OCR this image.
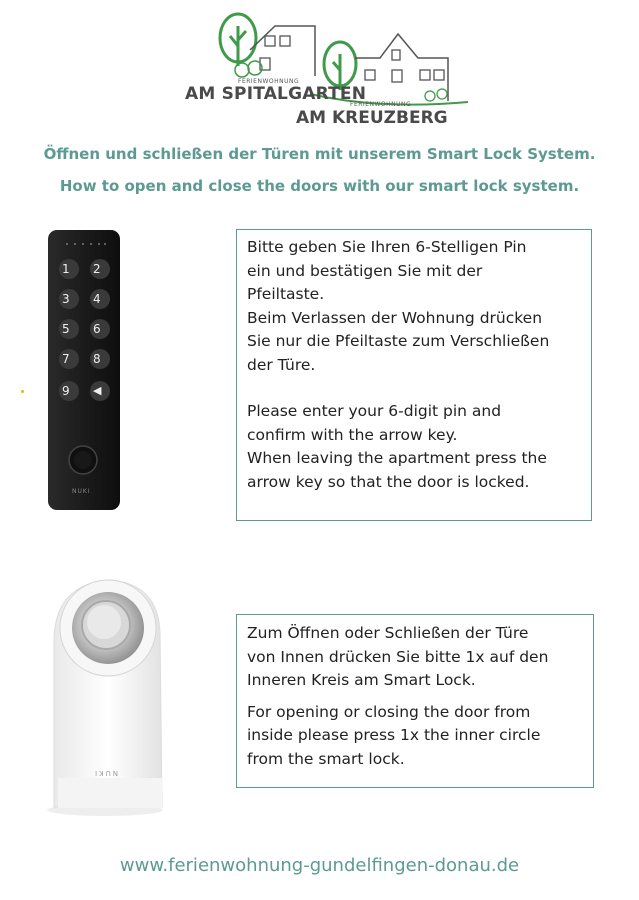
FERIENWOHNUNG
AM SPITALGARTEN
FERIENWOHNUNG
AM KREUZBERG
Öffnen und schließen der Türen mit unserem Smart Lock System.
How to open and close the doors with our smart lock system.
1 2
3 4
5 6
7 8
9 ◀
NUKI

Bitte geben Sie Ihren 6-Stelligen Pin

ein und bestätigen Sie mit der

Pfeiltaste.

Beim Verlassen der Wohnung drücken

Sie nur die Pfeiltaste zum Verschließen

der Türe.

Please enter your 6-digit pin and

confirm with the arrow key.

When leaving the apartment press the

arrow key so that the door is locked.

NUKI

Zum Öffnen oder Schließen der Türe

von Innen drücken Sie bitte 1x auf den

Inneren Kreis am Smart Lock.

For opening or closing the door from

inside please press 1x the inner circle

from the smart lock.

www.ferienwohnung-gundelfingen-donau.de
